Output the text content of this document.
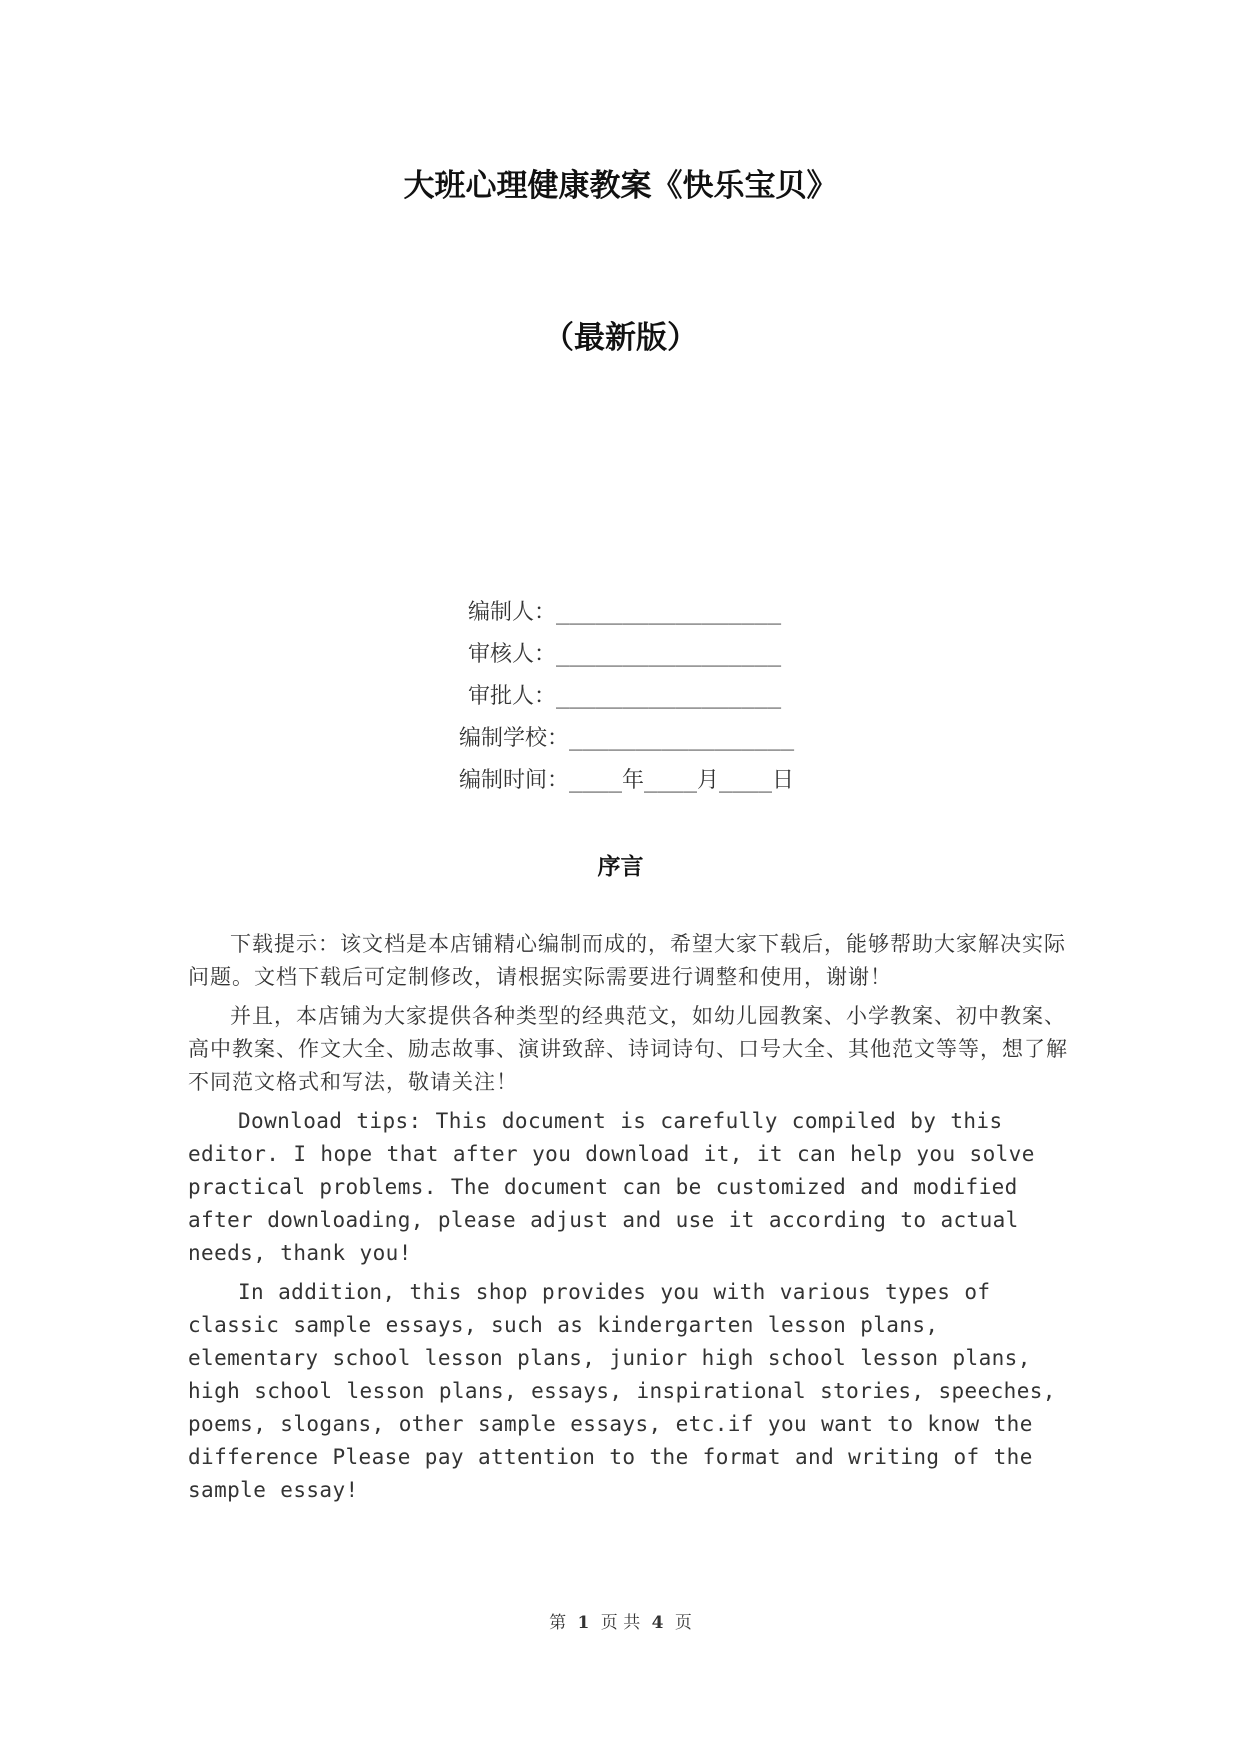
大班心理健康教案《快乐宝贝》
（最新版）
编制人： _________________
审核人： _________________
审批人： _________________
编制学校： _________________
编制时间： ____年____月____日
序言

下载提示：该文档是本店铺精心编制而成的，希望大家下载后，能够帮助大家解决实际问题。文档下载后可定制修改，请根据实际需要进行调整和使用，谢谢！

并且，本店铺为大家提供各种类型的经典范文，如幼儿园教案、小学教案、初中教案、高中教案、作文大全、励志故事、演讲致辞、诗词诗句、口号大全、其他范文等等，想了解不同范文格式和写法，敬请关注！

Download tips: This document is carefully compiled by this editor. I hope that after you download it, it can help you solve practical problems. The document can be customized and modified after downloading, please adjust and use it according to actual needs, thank you!

In addition, this shop provides you with various types of classic sample essays, such as kindergarten lesson plans, elementary school lesson plans, junior high school lesson plans, high school lesson plans, essays, inspirational stories, speeches, poems, slogans, other sample essays, etc.if you want to know the difference Please pay attention to the format and writing of the sample essay!

第 1 页 共 4 页
